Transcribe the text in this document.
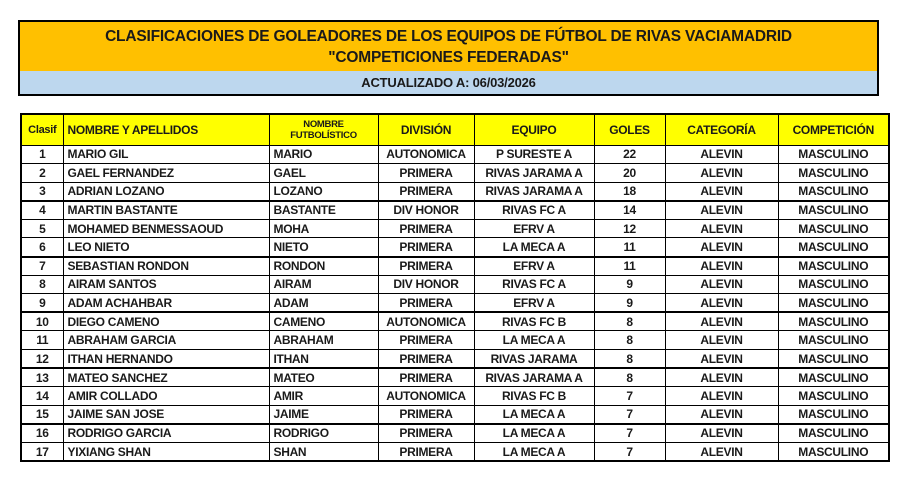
CLASIFICACIONES DE GOLEADORES DE LOS EQUIPOS DE FÚTBOL DE RIVAS VACIAMADRID
"COMPETICIONES FEDERADAS"
ACTUALIZADO A: 06/03/2026
Clasif	NOMBRE Y APELLIDOS	NOMBRE FUTBOLÍSTICO	DIVISIÓN	EQUIPO	GOLES	CATEGORÍA	COMPETICIÓN
1	MARIO GIL	MARIO	AUTONOMICA	P SURESTE A	22	ALEVIN	MASCULINO
2	GAEL FERNANDEZ	GAEL	PRIMERA	RIVAS JARAMA A	20	ALEVIN	MASCULINO
3	ADRIAN LOZANO	LOZANO	PRIMERA	RIVAS JARAMA A	18	ALEVIN	MASCULINO
4	MARTIN BASTANTE	BASTANTE	DIV HONOR	RIVAS FC A	14	ALEVIN	MASCULINO
5	MOHAMED BENMESSAOUD	MOHA	PRIMERA	EFRV A	12	ALEVIN	MASCULINO
6	LEO NIETO	NIETO	PRIMERA	LA MECA A	11	ALEVIN	MASCULINO
7	SEBASTIAN RONDON	RONDON	PRIMERA	EFRV A	11	ALEVIN	MASCULINO
8	AIRAM SANTOS	AIRAM	DIV HONOR	RIVAS FC A	9	ALEVIN	MASCULINO
9	ADAM ACHAHBAR	ADAM	PRIMERA	EFRV A	9	ALEVIN	MASCULINO
10	DIEGO CAMENO	CAMENO	AUTONOMICA	RIVAS FC B	8	ALEVIN	MASCULINO
11	ABRAHAM GARCIA	ABRAHAM	PRIMERA	LA MECA A	8	ALEVIN	MASCULINO
12	ITHAN HERNANDO	ITHAN	PRIMERA	RIVAS JARAMA	8	ALEVIN	MASCULINO
13	MATEO SANCHEZ	MATEO	PRIMERA	RIVAS JARAMA A	8	ALEVIN	MASCULINO
14	AMIR COLLADO	AMIR	AUTONOMICA	RIVAS FC B	7	ALEVIN	MASCULINO
15	JAIME SAN JOSE	JAIME	PRIMERA	LA MECA A	7	ALEVIN	MASCULINO
16	RODRIGO GARCIA	RODRIGO	PRIMERA	LA MECA A	7	ALEVIN	MASCULINO
17	YIXIANG SHAN	SHAN	PRIMERA	LA MECA A	7	ALEVIN	MASCULINO
